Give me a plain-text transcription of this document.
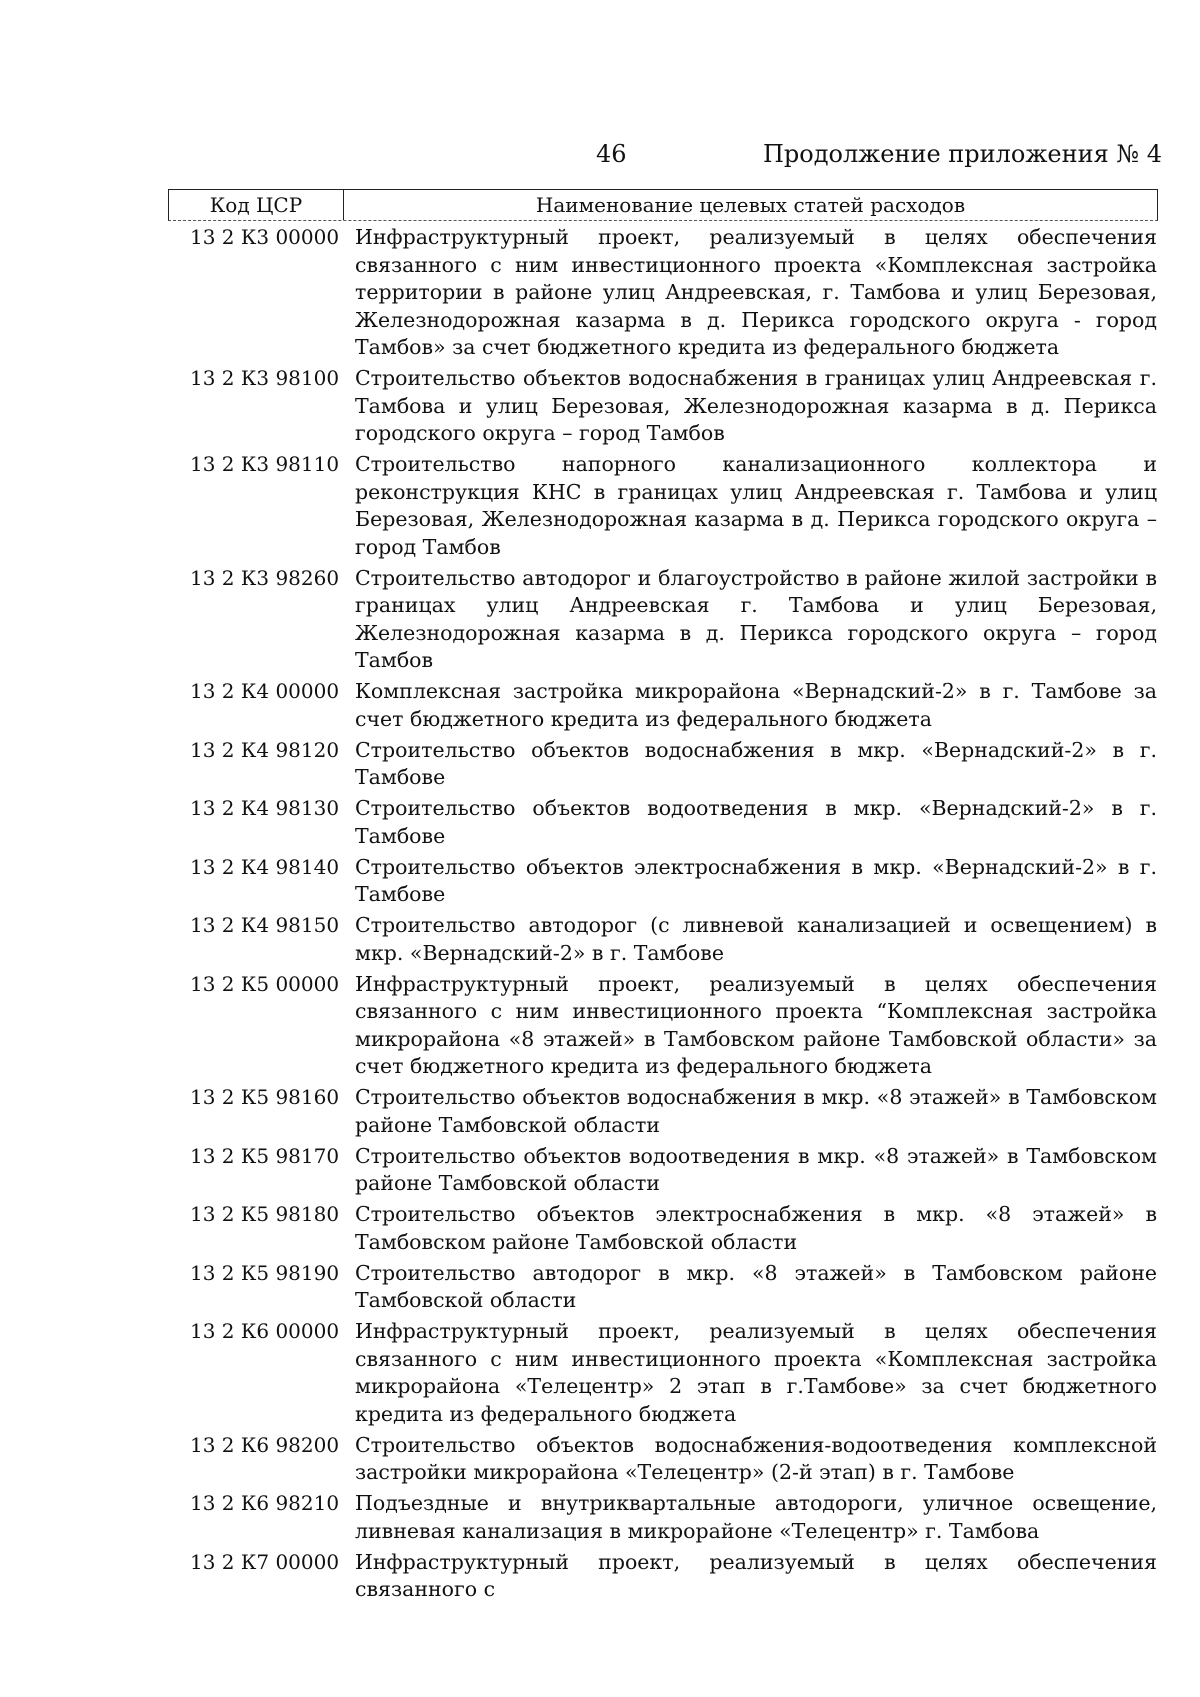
46	Продолжение приложения № 4
Код ЦСР	Наименование целевых статей расходов
13 2 К3 00000 Инфраструктурный проект, реализуемый в целях обеспечения связанного с ним инвестиционного проекта «Комплексная застройка территории в районе улиц Андреевская, г. Тамбова и улиц Березовая, Железнодорожная казарма в д. Перикса городского округа - город Тамбов» за счет бюджетного кредита из федерального бюджета
13 2 К3 98100 Строительство объектов водоснабжения в границах улиц Андреевская г. Тамбова и улиц Березовая, Железнодорожная казарма в д. Перикса городского округа – город Тамбов
13 2 К3 98110 Строительство напорного канализационного коллектора и реконструкция КНС в границах улиц Андреевская г. Тамбова и улиц Березовая, Железнодорожная казарма в д. Перикса городского округа – город Тамбов
13 2 К3 98260 Строительство автодорог и благоустройство в районе жилой застройки в границах улиц Андреевская г. Тамбова и улиц Березовая, Железнодорожная казарма в д. Перикса городского округа – город Тамбов
13 2 К4 00000 Комплексная застройка микрорайона «Вернадский-2» в г. Тамбове за счет бюджетного кредита из федерального бюджета
13 2 К4 98120 Строительство объектов водоснабжения в мкр. «Вернадский-2» в г. Тамбове
13 2 К4 98130 Строительство объектов водоотведения в мкр. «Вернадский-2» в г. Тамбове
13 2 К4 98140 Строительство объектов электроснабжения в мкр. «Вернадский-2» в г. Тамбове
13 2 К4 98150 Строительство автодорог (с ливневой канализацией и освещением) в мкр. «Вернадский-2» в г. Тамбове
13 2 К5 00000 Инфраструктурный проект, реализуемый в целях обеспечения связанного с ним инвестиционного проекта “Комплексная застройка микрорайона «8 этажей» в Тамбовском районе Тамбовской области» за счет бюджетного кредита из федерального бюджета
13 2 К5 98160 Строительство объектов водоснабжения в мкр. «8 этажей» в Тамбовском районе Тамбовской области
13 2 К5 98170 Строительство объектов водоотведения в мкр. «8 этажей» в Тамбовском районе Тамбовской области
13 2 К5 98180 Строительство объектов электроснабжения в мкр. «8 этажей» в Тамбовском районе Тамбовской области
13 2 К5 98190 Строительство автодорог в мкр. «8 этажей» в Тамбовском районе Тамбовской области
13 2 К6 00000 Инфраструктурный проект, реализуемый в целях обеспечения связанного с ним инвестиционного проекта «Комплексная застройка микрорайона «Телецентр» 2 этап в г.Тамбове» за счет бюджетного кредита из федерального бюджета
13 2 К6 98200 Строительство объектов водоснабжения-водоотведения комплексной застройки микрорайона «Телецентр» (2-й этап) в г. Тамбове
13 2 К6 98210 Подъездные и внутриквартальные автодороги, уличное освещение, ливневая канализация в микрорайоне «Телецентр» г. Тамбова
13 2 К7 00000 Инфраструктурный проект, реализуемый в целях обеспечения связанного с
